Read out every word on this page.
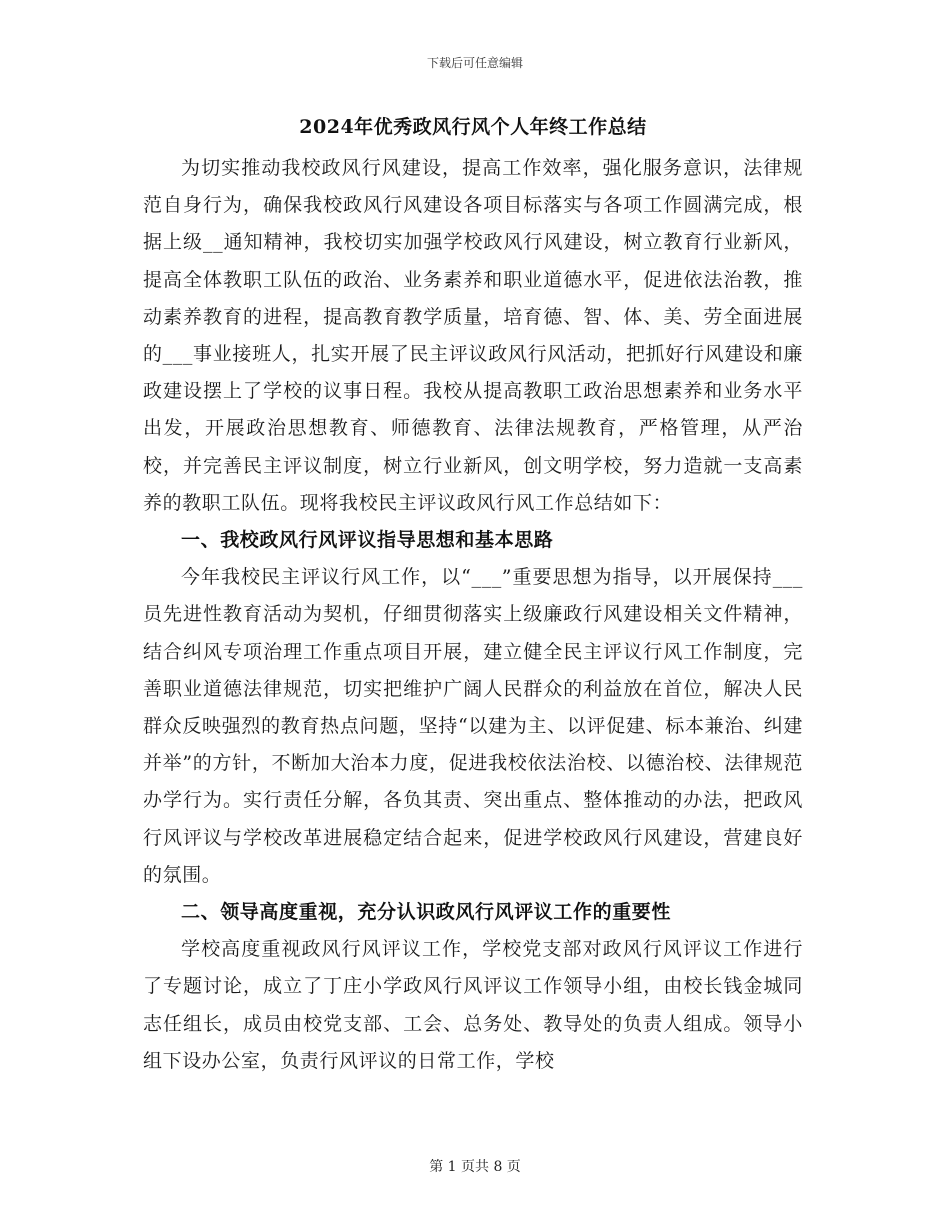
下载后可任意编辑
2024年优秀政风行风个人年终工作总结

为切实推动我校政风行风建设，提高工作效率，强化服务意识，法律规范自身行为，确保我校政风行风建设各项目标落实与各项工作圆满完成，根据上级__通知精神，我校切实加强学校政风行风建设，树立教育行业新风，提高全体教职工队伍的政治、业务素养和职业道德水平，促进依法治教，推动素养教育的进程，提高教育教学质量，培育德、智、体、美、劳全面进展的___事业接班人，扎实开展了民主评议政风行风活动，把抓好行风建设和廉政建设摆上了学校的议事日程。我校从提高教职工政治思想素养和业务水平出发，开展政治思想教育、师德教育、法律法规教育，严格管理，从严治校，并完善民主评议制度，树立行业新风，创文明学校，努力造就一支高素养的教职工队伍。现将我校民主评议政风行风工作总结如下：

一、我校政风行风评议指导思想和基本思路

今年我校民主评议行风工作，以“___”重要思想为指导，以开展保持___员先进性教育活动为契机，仔细贯彻落实上级廉政行风建设相关文件精神，结合纠风专项治理工作重点项目开展，建立健全民主评议行风工作制度，完善职业道德法律规范，切实把维护广阔人民群众的利益放在首位，解决人民群众反映强烈的教育热点问题，坚持“以建为主、以评促建、标本兼治、纠建并举”的方针，不断加大治本力度，促进我校依法治校、以德治校、法律规范办学行为。实行责任分解，各负其责、突出重点、整体推动的办法，把政风行风评议与学校改革进展稳定结合起来，促进学校政风行风建设，营建良好的氛围。

二、领导高度重视，充分认识政风行风评议工作的重要性

学校高度重视政风行风评议工作，学校党支部对政风行风评议工作进行了专题讨论，成立了丁庄小学政风行风评议工作领导小组，由校长钱金城同志任组长，成员由校党支部、工会、总务处、教导处的负责人组成。领导小组下设办公室，负责行风评议的日常工作，学校

第 1 页共 8 页
